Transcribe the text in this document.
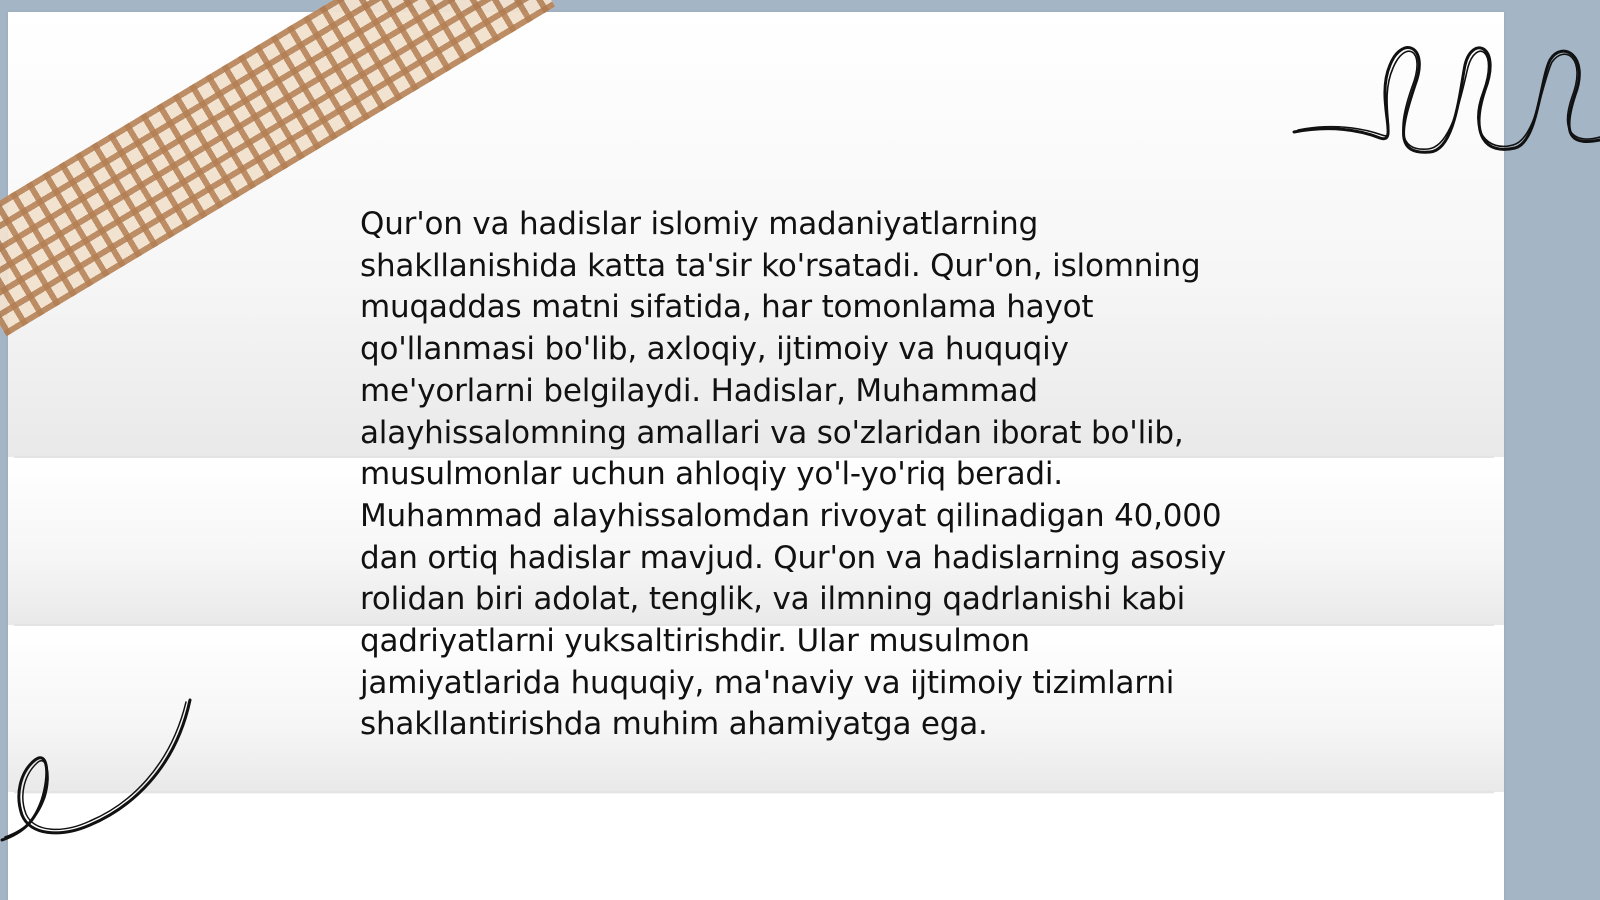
Qur'on va hadislar islomiy madaniyatlarning shakllanishida katta ta'sir ko'rsatadi. Qur'on, islomning muqaddas matni sifatida, har tomonlama hayot qo'llanmasi bo'lib, axloqiy, ijtimoiy va huquqiy me'yorlarni belgilaydi. Hadislar, Muhammad alayhissalomning amallari va so'zlaridan iborat bo'lib, musulmonlar uchun ahloqiy yo'l-yo'riq beradi. Muhammad alayhissalomdan rivoyat qilinadigan 40,000 dan ortiq hadislar mavjud. Qur'on va hadislarning asosiy rolidan biri adolat, tenglik, va ilmning qadrlanishi kabi qadriyatlarni yuksaltirishdir. Ular musulmon jamiyatlarida huquqiy, ma'naviy va ijtimoiy tizimlarni shakllantirishda muhim ahamiyatga ega.
